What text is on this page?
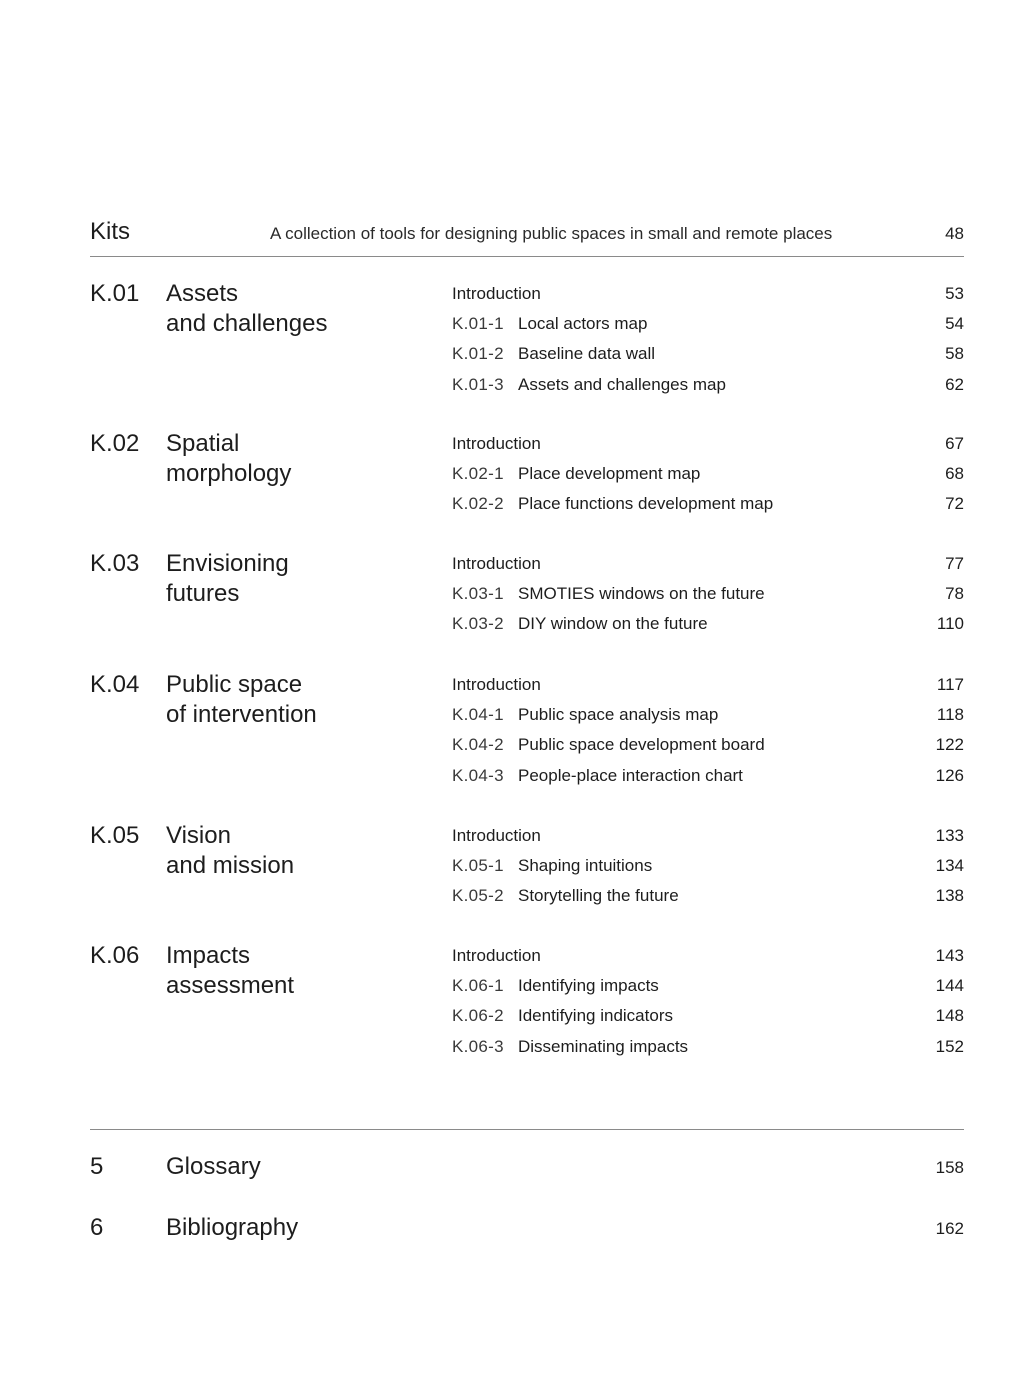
Kits	A collection of tools for designing public spaces in small and remote places	48
K.01 Assets
and challenges
Introduction	53
K.01-1 Local actors map	54
K.01-2 Baseline data wall	58
K.01-3 Assets and challenges map	62
K.02 Spatial
morphology
Introduction	67
K.02-1 Place development map	68
K.02-2 Place functions development map	72
K.03 Envisioning
futures
Introduction	77
K.03-1 SMOTIES windows on the future	78
K.03-2 DIY window on the future	110
K.04 Public space
of intervention
Introduction	117
K.04-1 Public space analysis map	118
K.04-2 Public space development board	122
K.04-3 People-place interaction chart	126
K.05 Vision
and mission
Introduction	133
K.05-1 Shaping intuitions	134
K.05-2 Storytelling the future	138
K.06 Impacts
assessment
Introduction	143
K.06-1 Identifying impacts	144
K.06-2 Identifying indicators	148
K.06-3 Disseminating impacts	152
5	Glossary	158
6	Bibliography	162
